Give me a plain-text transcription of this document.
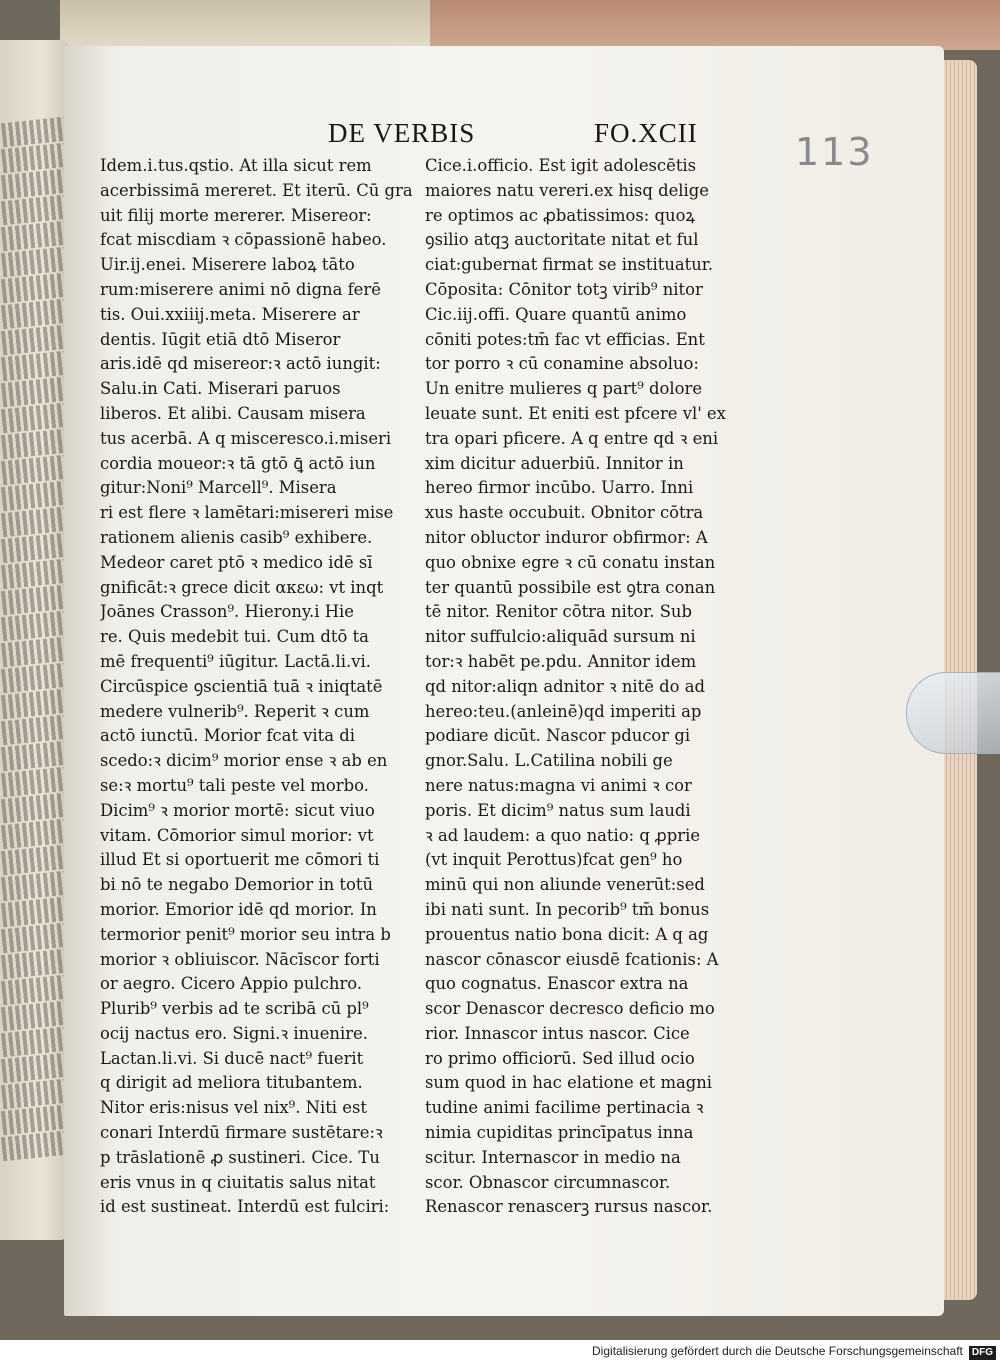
DE VERBIS	FO.XCII	113
Idem.i.tus.qstio. At illa sicut rem
acerbissimā mereret. Et iterū. Cū gra
uit filij morte mererer. Misereor:
fcat miscdiam ꝛ cōpassionē habeo.
Uir.ij.enei. Miserere laboꝝ tāto
rum:miserere animi nō digna ferē
tis. Oui.xxiiij.meta. Miserere ar
dentis. Iūgit etiā dtō Miseror
aris.idē qd misereor:ꝛ actō iungit:
Salu.in Cati. Miserari paruos
liberos. Et alibi. Causam misera
tus acerbā. A q misceresco.i.miseri
cordia moueor:ꝛ tā gtō ꝗ̄ actō iun
gitur:Noni⁹ Marcell⁹. Misera
ri est flere ꝛ lamētari:misereri mise
rationem alienis casib⁹ exhibere.
Medeor caret ptō ꝛ medico idē sī
gnificāt:ꝛ grece dicit ακεω: vt inqt
Joānes Crasson⁹. Hierony.i Hie
re. Quis medebit tui. Cum dtō ta
mē frequenti⁹ iūgitur. Lactā.li.vi.
Circūspice ꝯscientiā tuā ꝛ iniqtatē
medere vulnerib⁹. Reperit ꝛ cum
actō iunctū. Morior fcat vita di
scedo:ꝛ dicim⁹ morior ense ꝛ ab en
se:ꝛ mortu⁹ tali peste vel morbo.
Dicim⁹ ꝛ morior mortē: sicut viuo
vitam. Cōmorior simul morior: vt
illud Et si oportuerit me cōmori ti
bi nō te negabo Demorior in totū
morior. Emorior idē qd morior. In
termorior penit⁹ morior seu intra b
morior ꝛ obliuiscor. Nācīscor forti
or aegro. Cicero Appio pulchro.
Plurib⁹ verbis ad te scribā cū pl⁹
ocij nactus ero. Signi.ꝛ inuenire.
Lactan.li.vi. Si ducē nact⁹ fuerit
q dirigit ad meliora titubantem.
Nitor eris:nisus vel nix⁹. Niti est
conari Interdū firmare sustētare:ꝛ
p trāslationē ꝓ sustineri. Cice. Tu
eris vnus in q ciuitatis salus nitat
id est sustineat. Interdū est fulciri:
Cice.i.officio. Est igit adolescētis
maiores natu vereri.ex hisq delige
re optimos ac ꝓbatissimos: quoꝝ
ꝯsilio atqꝫ auctoritate nitat et ful
ciat:gubernat firmat se instituatur.
Cōposita: Cōnitor totꝫ virib⁹ nitor
Cic.iij.offi. Quare quantū animo
cōniti potes:tm̄ fac vt efficias. Ent
tor porro ꝛ cū conamine absoluo:
Un enitre mulieres q part⁹ dolore
leuate sunt. Et eniti est pfcere vl' ex
tra opari pficere. A q entre qd ꝛ eni
xim dicitur aduerbiū. Innitor in
hereo firmor incūbo. Uarro. Inni
xus haste occubuit. Obnitor cōtra
nitor obluctor induror obfirmor: A
quo obnixe egre ꝛ cū conatu instan
ter quantū possibile est ꝯtra conan
tē nitor. Renitor cōtra nitor. Sub
nitor suffulcio:aliquād sursum ni
tor:ꝛ habēt pe.pdu. Annitor idem
qd nitor:aliqn adnitor ꝛ nitē do ad
hereo:teu.(anleinē)qd imperiti ap
podiare dicūt. Nascor pducor gi
gnor.Salu. L.Catilina nobili ge
nere natus:magna vi animi ꝛ cor
poris. Et dicim⁹ natus sum laudi
ꝛ ad laudem: a quo natio: q ꝓprie
(vt inquit Perottus)fcat gen⁹ ho
minū qui non aliunde venerūt:sed
ibi nati sunt. In pecorib⁹ tm̄ bonus
prouentus natio bona dicit: A q ag
nascor cōnascor eiusdē fcationis: A
quo cognatus. Enascor extra na
scor Denascor decresco deficio mo
rior. Innascor intus nascor. Cice
ro primo officiorū. Sed illud ocio
sum quod in hac elatione et magni
tudine animi facilime pertinacia ꝛ
nimia cupiditas princīpatus inna
scitur. Internascor in medio na
scor. Obnascor circumnascor.
Renascor renascerꝫ rursus nascor.
Digitalisierung gefördert durch die Deutsche Forschungsgemeinschaft DFG
